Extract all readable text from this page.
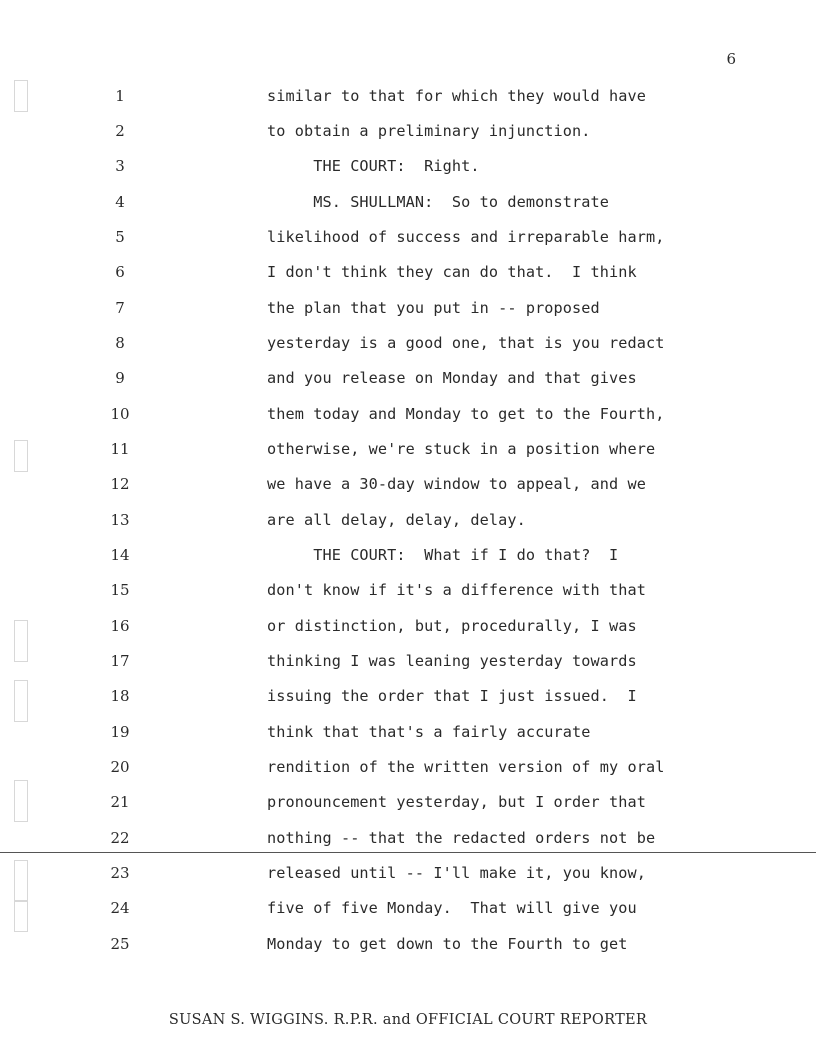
6
1	similar to that for which they would have
2	to obtain a preliminary injunction.
3	THE COURT:  Right.
4	MS. SHULLMAN:  So to demonstrate
5	likelihood of success and irreparable harm,
6	I don't think they can do that.  I think
7	the plan that you put in -- proposed
8	yesterday is a good one, that is you redact
9	and you release on Monday and that gives
10	them today and Monday to get to the Fourth,
11	otherwise, we're stuck in a position where
12	we have a 30-day window to appeal, and we
13	are all delay, delay, delay.
14	THE COURT:  What if I do that?  I
15	don't know if it's a difference with that
16	or distinction, but, procedurally, I was
17	thinking I was leaning yesterday towards
18	issuing the order that I just issued.  I
19	think that that's a fairly accurate
20	rendition of the written version of my oral
21	pronouncement yesterday, but I order that
22	nothing -- that the redacted orders not be
23	released until -- I'll make it, you know,
24	five of five Monday.  That will give you
25	Monday to get down to the Fourth to get
SUSAN S. WIGGINS. R.P.R. and OFFICIAL COURT REPORTER
